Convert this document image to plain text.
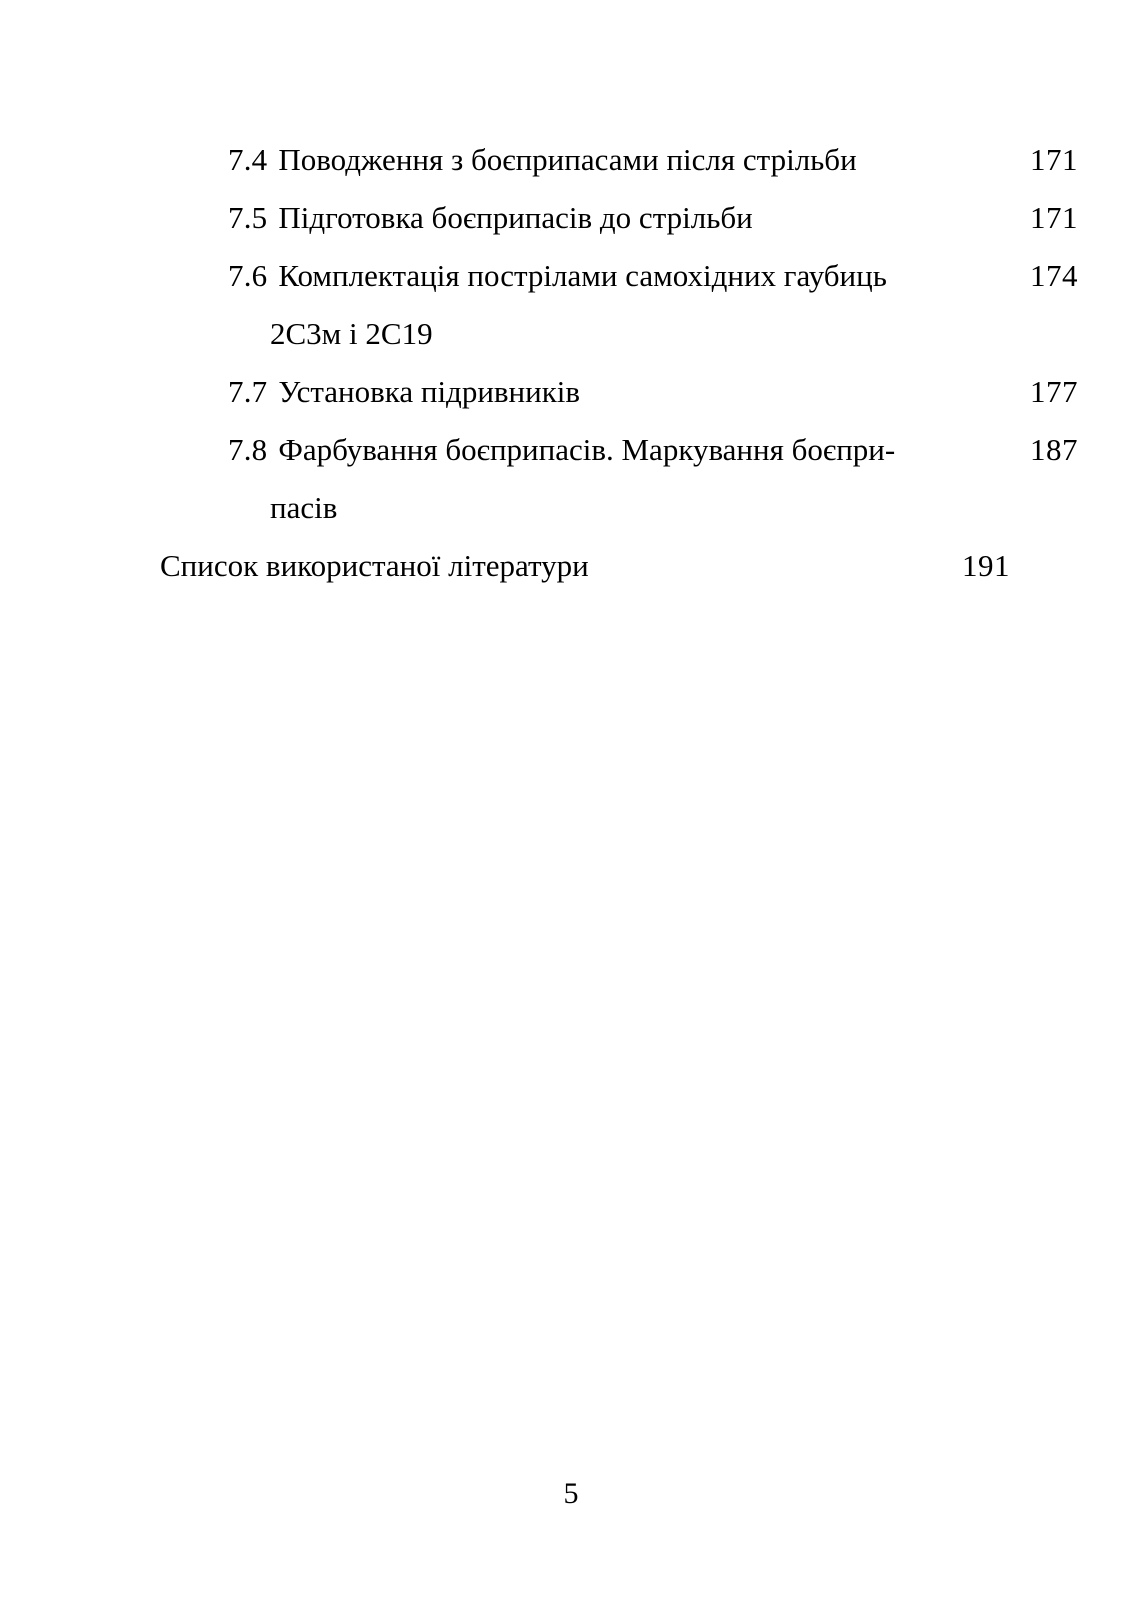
7.4 Поводження з боєприпасами після стрільби .....	171
7.5 Підготовка боєприпасів до стрільби .....	171
7.6 Комплектація пострілами самохідних гаубиць	174
2С3м і 2С19
.....
7.7 Установка підривників .....	177
7.8 Фарбування боєприпасів. Маркування боєпри-	187
пасів
.....
Список використаної літератури .....	191
5
